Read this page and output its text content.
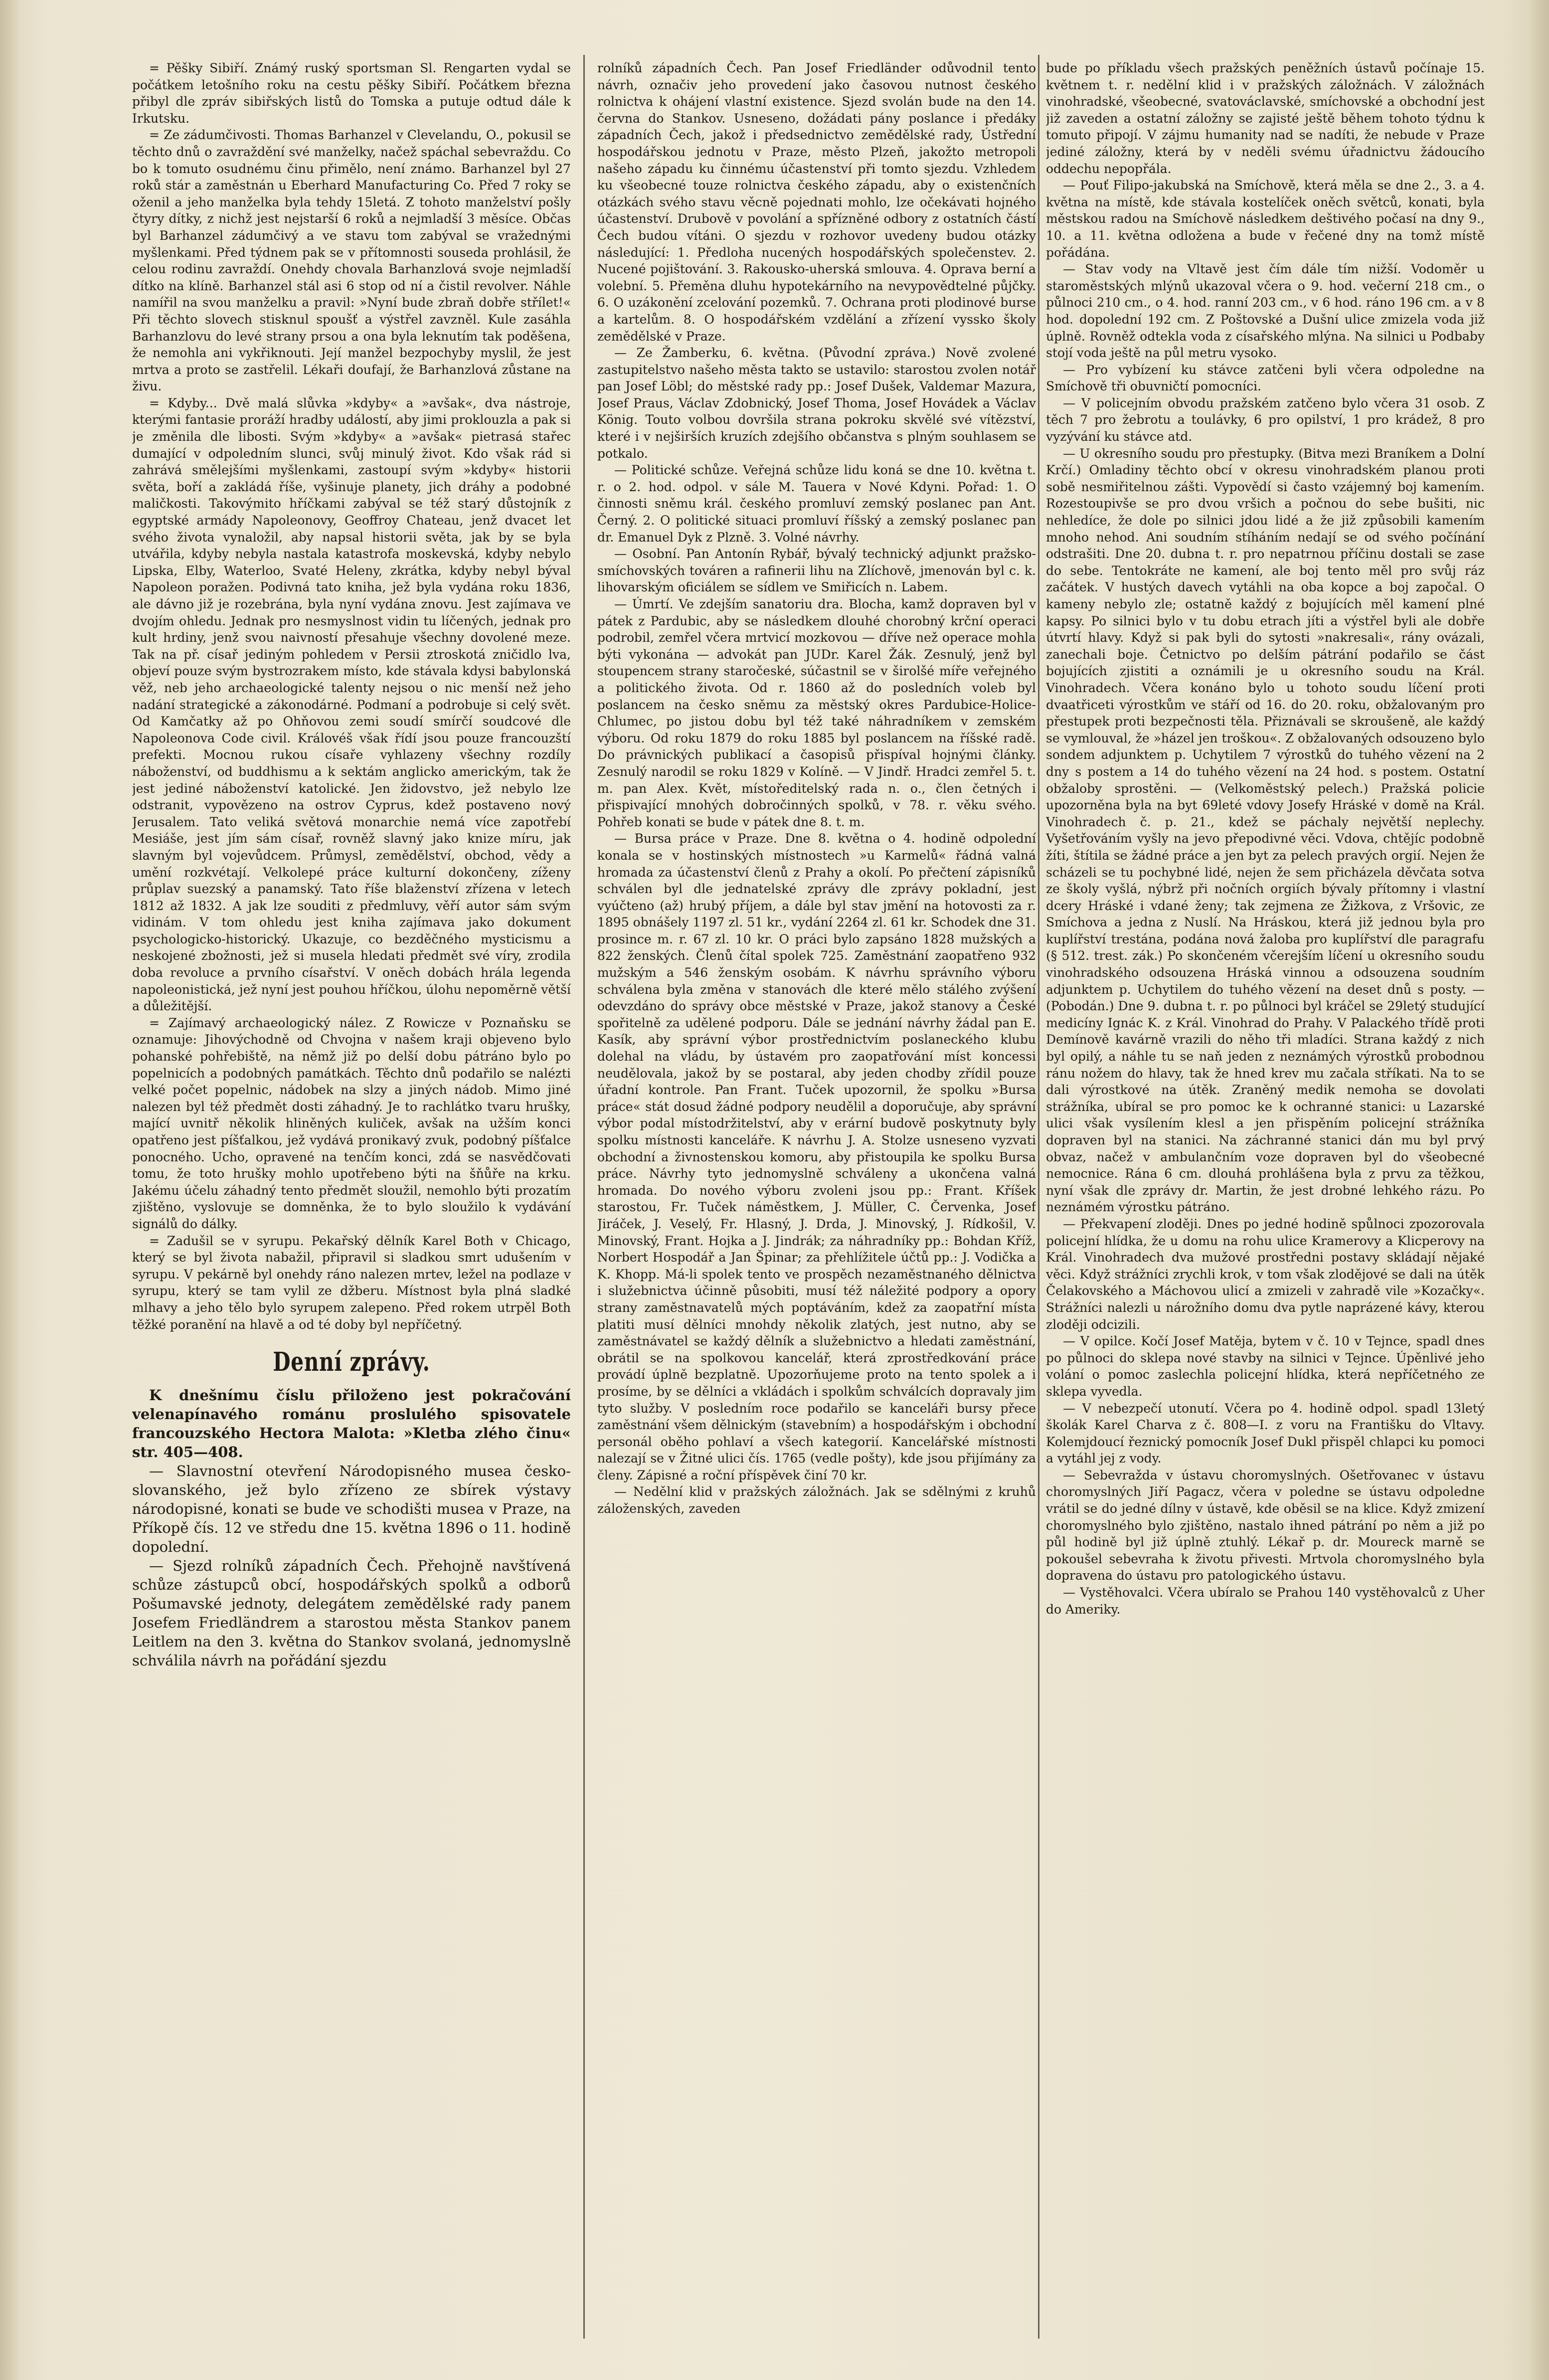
= Pěšky Sibiří. Známý ruský sportsman Sl. Rengarten vydal se počátkem letošního roku na cestu pěšky Sibiří. Počátkem března přibyl dle zpráv sibiřských listů do Tomska a putuje odtud dále k Irkutsku.

= Ze zádumčivosti. Thomas Barhanzel v Clevelandu, O., pokusil se těchto dnů o zavraždění své manželky, načež spáchal sebevraždu. Co bo k tomuto osudnému činu přimělo, není známo. Barhanzel byl 27 roků stár a zaměstnán u Eberhard Manufacturing Co. Před 7 roky se oženil a jeho manželka byla tehdy 15letá. Z tohoto manželství pošly čtyry dítky, z nichž jest nejstarší 6 roků a nejmladší 3 měsíce. Občas byl Barhanzel zádumčivý a ve stavu tom zabýval se vražednými myšlenkami. Před týdnem pak se v přítomnosti souseda prohlásil, že celou rodinu zavraždí. Onehdy chovala Barhanzlová svoje nejmladší dítko na klíně. Barhanzel stál asi 6 stop od ní a čistil revolver. Náhle namířil na svou manželku a pravil: »Nyní bude zbraň dobře střílet!« Při těchto slovech stisknul spoušť a výstřel zavzněl. Kule zasáhla Barhanzlovu do levé strany prsou a ona byla leknutím tak poděšena, že nemohla ani vykřiknouti. Její manžel bezpochyby myslil, že jest mrtva a proto se zastřelil. Lékaři doufají, že Barhanzlová zůstane na živu.

= Kdyby... Dvě malá slůvka »kdyby« a »avšak«, dva nástroje, kterými fantasie proráží hradby událostí, aby jimi proklouzla a pak si je změnila dle libosti. Svým »kdyby« a »avšak« pietrasá stařec dumající v odpoledním slunci, svůj minulý život. Kdo však rád si zahrává smělejšími myšlenkami, zastoupí svým »kdyby« historii světa, boří a zakládá říše, vyšinuje planety, jich dráhy a podobné maličkosti. Takovýmito hříčkami zabýval se též starý důstojník z egyptské armády Napoleonovy, Geoffroy Chateau, jenž dvacet let svého života vynaložil, aby napsal historii světa, jak by se byla utvářila, kdyby nebyla nastala katastrofa moskevská, kdyby nebylo Lipska, Elby, Waterloo, Svaté Heleny, zkrátka, kdyby nebyl býval Napoleon poražen. Podivná tato kniha, jež byla vydána roku 1836, ale dávno již je rozebrána, byla nyní vydána znovu. Jest zajímava ve dvojím ohledu. Jednak pro nesmyslnost vidin tu líčených, jednak pro kult hrdiny, jenž svou naivností přesahuje všechny dovolené meze. Tak na př. císař jediným pohledem v Persii ztroskotá zničidlo lva, objeví pouze svým bystrozrakem místo, kde stávala kdysi babylonská věž, neb jeho archaeologické talenty nejsou o nic menší než jeho nadání strategické a zákonodárné. Podmaní a podrobuje si celý svět. Od Kamčatky až po Ohňovou zemi soudí smírčí soudcové dle Napoleonova Code civil. Královéš však řídí jsou pouze francouzští prefekti. Mocnou rukou císaře vyhlazeny všechny rozdíly náboženství, od buddhismu a k sektám anglicko americkým, tak že jest jediné náboženství katolické. Jen židovstvo, jež nebylo lze odstranit, vypovězeno na ostrov Cyprus, kdež postaveno nový Jerusalem. Tato veliká světová monarchie nemá více zapotřebí Mesiáše, jest jím sám císař, rovněž slavný jako knize míru, jak slavným byl vojevůdcem. Průmysl, zemědělství, obchod, vědy a umění rozkvétají. Velkolepé práce kulturní dokončeny, zíženy průplav suezský a panamský. Tato říše blaženství zřízena v letech 1812 až 1832. A jak lze souditi z předmluvy, věří autor sám svým vidinám. V tom ohledu jest kniha zajímava jako dokument psychologicko-historický. Ukazuje, co bezděčného mysticismu a neskojené zbožnosti, jež si musela hledati předmět své víry, zrodila doba revoluce a prvního císařství. V oněch dobách hrála legenda napoleonistická, jež nyní jest pouhou hříčkou, úlohu nepoměrně větší a důležitější.

= Zajímavý archaeologický nález. Z Rowicze v Poznaňsku se oznamuje: Jihovýchodně od Chvojna v našem kraji objeveno bylo pohanské pohřebiště, na němž již po delší dobu pátráno bylo po popelnicích a podobných památkách. Těchto dnů podařilo se nalézti velké počet popelnic, nádobek na slzy a jiných nádob. Mimo jiné nalezen byl též předmět dosti záhadný. Je to rachlátko tvaru hrušky, mající uvnitř několik hliněných kuliček, avšak na užším konci opatřeno jest píšťalkou, jež vydává pronikavý zvuk, podobný píšťalce ponocného. Ucho, opravené na tenčím konci, zdá se nasvědčovati tomu, že toto hrušky mohlo upotřebeno býti na šňůře na krku. Jakému účelu záhadný tento předmět sloužil, nemohlo býti prozatím zjištěno, vyslovuje se domněnka, že to bylo sloužilo k vydávání signálů do dálky.

= Zadušil se v syrupu. Pekařský dělník Karel Both v Chicago, který se byl života nabažil, připravil si sladkou smrt udušením v syrupu. V pekárně byl onehdy ráno nalezen mrtev, ležel na podlaze v syrupu, který se tam vylil ze džberu. Místnost byla plná sladké mlhavy a jeho tělo bylo syrupem zalepeno. Před rokem utrpěl Both těžké poranění na hlavě a od té doby byl nepříčetný.

Denní zprávy.

K dnešnímu číslu přiloženo jest pokračování velenapínavého románu proslulého spisovatele francouzského Hectora Malota: »Kletba zlého činu« str. 405—408.

— Slavnostní otevření Národopisného musea česko-slovanského, jež bylo zřízeno ze sbírek výstavy národopisné, konati se bude ve schodišti musea v Praze, na Příkopě čís. 12 ve středu dne 15. května 1896 o 11. hodině dopolední.

— Sjezd rolníků západních Čech. Přehojně navštívená schůze zástupců obcí, hospodářských spolků a odborů Pošumavské jednoty, delegátem zemědělské rady panem Josefem Friedländrem a starostou města Stankov panem Leitlem na den 3. května do Stankov svolaná, jednomyslně schválila návrh na pořádání sjezdu

rolníků západních Čech. Pan Josef Friedländer odůvodnil tento návrh, označiv jeho provedení jako časovou nutnost českého rolnictva k ohájení vlastní existence. Sjezd svolán bude na den 14. června do Stankov. Usneseno, dožádati pány poslance i předáky západních Čech, jakož i předsednictvo zemědělské rady, Ústřední hospodářskou jednotu v Praze, město Plzeň, jakožto metropoli našeho západu ku činnému účastenství při tomto sjezdu. Vzhledem ku všeobecné touze rolnictva českého západu, aby o existenčních otázkách svého stavu věcně pojednati mohlo, lze očekávati hojného účastenství. Drubově v povolání a spřízněné odbory z ostatních částí Čech budou vítáni. O sjezdu v rozhovor uvedeny budou otázky následující: 1. Předloha nucených hospodářských společenstev. 2. Nucené pojištování. 3. Rakousko-uherská smlouva. 4. Oprava berní a volební. 5. Přeměna dluhu hypotekárního na nevypovědtelné půjčky. 6. O uzákonění zcelování pozemků. 7. Ochrana proti plodinové burse a kartelům. 8. O hospodářském vzdělání a zřízení vyssko školy zemědělské v Praze.

— Ze Žamberku, 6. května. (Původní zpráva.) Nově zvolené zastupitelstvo našeho města takto se ustavilo: starostou zvolen notář pan Josef Löbl; do městské rady pp.: Josef Dušek, Valdemar Mazura, Josef Praus, Václav Zdobnický, Josef Thoma, Josef Hovádek a Václav König. Touto volbou dovršila strana pokroku skvělé své vítězství, které i v nejširších kruzích zdejšího občanstva s plným souhlasem se potkalo.

— Politické schůze. Veřejná schůze lidu koná se dne 10. května t. r. o 2. hod. odpol. v sále M. Tauera v Nové Kdyni. Pořad: 1. O činnosti sněmu král. českého promluví zemský poslanec pan Ant. Černý. 2. O politické situaci promluví říšský a zemský poslanec pan dr. Emanuel Dyk z Plzně. 3. Volné návrhy.

— Osobní. Pan Antonín Rybář, bývalý technický adjunkt pražsko-smíchovských továren a rafinerii lihu na Zlíchově, jmenován byl c. k. lihovarským oficiálem se sídlem ve Smiřicích n. Labem.

— Úmrtí. Ve zdejším sanatoriu dra. Blocha, kamž dopraven byl v pátek z Pardubic, aby se následkem dlouhé chorobný krční operaci podrobil, zemřel včera mrtvicí mozkovou — dříve než operace mohla býti vykonána — advokát pan JUDr. Karel Žák. Zesnulý, jenž byl stoupencem strany staročeské, súčastnil se v širolšé míře veřejného a politického života. Od r. 1860 až do posledních voleb byl poslancem na česko sněmu za městský okres Pardubice-Holice-Chlumec, po jistou dobu byl též také náhradníkem v zemském výboru. Od roku 1879 do roku 1885 byl poslancem na říšské radě. Do právnických publikací a časopisů přispíval hojnými články. Zesnulý narodil se roku 1829 v Kolíně. — V Jindř. Hradci zemřel 5. t. m. pan Alex. Květ, místoředitelský rada n. o., člen četných i přispivající mnohých dobročinných spolků, v 78. r. věku svého. Pohřeb konati se bude v pátek dne 8. t. m.

— Bursa práce v Praze. Dne 8. května o 4. hodině odpolední konala se v hostinských místnostech »u Karmelů« řádná valná hromada za účastenství členů z Prahy a okolí. Po přečtení zápisníků schválen byl dle jednatelské zprávy dle zprávy pokladní, jest vyúčteno (až) hrubý příjem, a dále byl stav jmění na hotovosti za r. 1895 obnášely 1197 zl. 51 kr., vydání 2264 zl. 61 kr. Schodek dne 31. prosince m. r. 67 zl. 10 kr. O práci bylo zapsáno 1828 mužských a 822 ženských. Členů čítal spolek 725. Zaměstnání zaopatřeno 932 mužským a 546 ženským osobám. K návrhu správního výboru schválena byla změna v stanovách dle které mělo stálého zvýšení odevzdáno do správy obce městské v Praze, jakož stanovy a České spořitelně za udělené podporu. Dále se jednání návrhy žádal pan E. Kasík, aby správní výbor prostřednictvím poslaneckého klubu dolehal na vládu, by ústavém pro zaopatřování míst koncessi neudělovala, jakož by se postaral, aby jeden chodby zřídil pouze úřadní kontrole. Pan Frant. Tuček upozornil, že spolku »Bursa práce« stát dosud žádné podpory neudělil a doporučuje, aby správní výbor podal místodržitelství, aby v erární budově poskytnuty byly spolku místnosti kanceláře. K návrhu J. A. Stolze usneseno vyzvati obchodní a živnostenskou komoru, aby přistoupila ke spolku Bursa práce. Návrhy tyto jednomyslně schváleny a ukončena valná hromada. Do nového výboru zvoleni jsou pp.: Frant. Kříšek starostou, Fr. Tuček náměstkem, J. Müller, C. Červenka, Josef Jiráček, J. Veselý, Fr. Hlasný, J. Drda, J. Minovský, J. Rídkošil, V. Minovský, Frant. Hojka a J. Jindrák; za náhradníky pp.: Bohdan Kříž, Norbert Hospodář a Jan Špinar; za přehlížitele účtů pp.: J. Vodička a K. Khopp. Má-li spolek tento ve prospěch nezaměstnaného dělnictva i služebnictva účinně působiti, musí též náležité podpory a opory strany zaměstnavatelů mých poptáváním, kdež za zaopatřní místa platiti musí dělníci mnohdy několik zlatých, jest nutno, aby se zaměstnávatel se každý dělník a služebnictvo a hledati zaměstnání, obrátil se na spolkovou kancelář, která zprostředkování práce provádí úplně bezplatně. Upozorňujeme proto na tento spolek a i prosíme, by se dělníci a vkládách i spolkům schválcích dopravaly jim tyto služby. V posledním roce podařilo se kanceláři bursy přece zaměstnání všem dělnickým (stavebním) a hospodářským i obchodní personál oběho pohlaví a všech kategorií. Kancelářské místnosti nalezají se v Žitné ulici čís. 1765 (vedle pošty), kde jsou přijímány za členy. Zápisné a roční příspěvek činí 70 kr.

— Nedělní klid v pražských záložnách. Jak se sdělnými z kruhů záloženských, zaveden

bude po příkladu všech pražských peněžních ústavů počínaje 15. květnem t. r. nedělní klid i v pražských záložnách. V záložnách vinohradské, všeobecné, svatováclavské, smíchovské a obchodní jest již zaveden a ostatní záložny se zajisté ještě během tohoto týdnu k tomuto připojí. V zájmu humanity nad se nadíti, že nebude v Praze jediné záložny, která by v neděli svému úřadnictvu žádoucího oddechu nepopřála.

— Pouť Filipo-jakubská na Smíchově, která měla se dne 2., 3. a 4. května na místě, kde stávala kostelíček oněch světců, konati, byla městskou radou na Smíchově následkem deštivého počasí na dny 9., 10. a 11. května odložena a bude v řečené dny na tomž místě pořádána.

— Stav vody na Vltavě jest čím dále tím nižší. Vodoměr u staroměstských mlýnů ukazoval včera o 9. hod. večerní 218 cm., o půlnoci 210 cm., o 4. hod. ranní 203 cm., v 6 hod. ráno 196 cm. a v 8 hod. dopolední 192 cm. Z Poštovské a Dušní ulice zmizela voda již úplně. Rovněž odtekla voda z císařského mlýna. Na silnici u Podbaby stojí voda ještě na půl metru vysoko.

— Pro vybízení ku stávce zatčeni byli včera odpoledne na Smíchově tři obuvničtí pomocníci.

— V policejním obvodu pražském zatčeno bylo včera 31 osob. Z těch 7 pro žebrotu a toulávky, 6 pro opilství, 1 pro krádež, 8 pro vyzývání ku stávce atd.

— U okresního soudu pro přestupky. (Bitva mezi Braníkem a Dolní Krčí.) Omladiny těchto obcí v okresu vinohradském planou proti sobě nesmiřitelnou zášti. Vypovědí si často vzájemný boj kamením. Rozestoupivše se pro dvou vršich a počnou do sebe bušiti, nic nehledíce, že dole po silnici jdou lidé a že již způsobili kamením mnoho nehod. Ani soudním stíháním nedají se od svého počínání odstrašiti. Dne 20. dubna t. r. pro nepatrnou příčinu dostali se zase do sebe. Tentokráte ne kamení, ale boj tento měl pro svůj ráz začátek. V hustých davech vytáhli na oba kopce a boj započal. O kameny nebylo zle; ostatně každý z bojujících měl kamení plné kapsy. Po silnici bylo v tu dobu etrach jíti a výstřel byli ale dobře útvrtí hlavy. Když si pak byli do sytosti »nakresali«, rány ovázali, zanechali boje. Četnictvo po delším pátrání podařilo se část bojujících zjistiti a oznámili je u okresního soudu na Král. Vinohradech. Včera konáno bylo u tohoto soudu líčení proti dvaatřiceti výrostkům ve stáří od 16. do 20. roku, obžalovaným pro přestupek proti bezpečnosti těla. Přiznávali se skroušeně, ale každý se vymlouval, že »házel jen troškou«. Z obžalovaných odsouzeno bylo sondem adjunktem p. Uchytilem 7 výrostků do tuhého vězení na 2 dny s postem a 14 do tuhého vězení na 24 hod. s postem. Ostatní obžaloby sprostěni. — (Velkoměstský pelech.) Pražská policie upozorněna byla na byt 69leté vdovy Josefy Hráské v domě na Král. Vinohradech č. p. 21., kdež se páchaly největší neplechy. Vyšetřováním vyšly na jevo přepodivné věci. Vdova, chtějíc podobně žíti, štítila se žádné práce a jen byt za pelech pravých orgií. Nejen že scházeli se tu pochybné lidé, nejen že sem přicházela děvčata sotva ze školy vyšlá, nýbrž při nočních orgiích bývaly přítomny i vlastní dcery Hráské i vdané ženy; tak zejmena ze Žižkova, z Vršovic, ze Smíchova a jedna z Nuslí. Na Hráskou, která již jednou byla pro kuplířství trestána, podána nová žaloba pro kuplířství dle paragrafu (§ 512. trest. zák.) Po skončeném včerejším líčení u okresního soudu vinohradského odsouzena Hráská vinnou a odsouzena soudním adjunktem p. Uchytilem do tuhého vězení na deset dnů s posty. — (Pobodán.) Dne 9. dubna t. r. po půlnoci byl kráčel se 29letý studující medicíny Ignác K. z Král. Vinohrad do Prahy. V Palackého třídě proti Demínově kavárně vrazili do něho tři mladíci. Strana každý z nich byl opilý, a náhle tu se naň jeden z neznámých výrostků probodnou ránu nožem do hlavy, tak že hned krev mu začala stříkati. Na to se dali výrostkové na útěk. Zraněný medik nemoha se dovolati strážníka, ubíral se pro pomoc ke k ochranné stanici: u Lazarské ulici však vysílením klesl a jen přispěním policejní strážníka dopraven byl na stanici. Na záchranné stanici dán mu byl prvý obvaz, načež v ambulančním voze dopraven byl do všeobecné nemocnice. Rána 6 cm. dlouhá prohlášena byla z prvu za těžkou, nyní však dle zprávy dr. Martin, že jest drobné lehkého rázu. Po neznámém výrostku pátráno.

— Překvapení zloději. Dnes po jedné hodině spůlnoci zpozorovala policejní hlídka, že u domu na rohu ulice Kramerovy a Klicperovy na Král. Vinohradech dva mužové prostředni postavy skládají nějaké věci. Když strážníci zrychli krok, v tom však zlodějové se dali na útěk Čelakovského a Máchovou ulicí a zmizeli v zahradě vile »Kozačky«. Strážníci nalezli u nárožního domu dva pytle naprázené kávy, kterou zloději odcizili.

— V opilce. Kočí Josef Matěja, bytem v č. 10 v Tejnce, spadl dnes po půlnoci do sklepa nové stavby na silnici v Tejnce. Úpěnlivé jeho volání o pomoc zaslechla policejní hlídka, která nepříčetného ze sklepa vyvedla.

— V nebezpečí utonutí. Včera po 4. hodině odpol. spadl 13letý školák Karel Charva z č. 808—I. z voru na Františku do Vltavy. Kolemjdoucí řeznický pomocník Josef Dukl přispěl chlapci ku pomoci a vytáhl jej z vody.

— Sebevražda v ústavu choromyslných. Ošetřovanec v ústavu choromyslných Jiří Pagacz, včera v poledne se ústavu odpoledne vrátil se do jedné dílny v ústavě, kde oběsil se na klice. Když zmizení choromyslného bylo zjištěno, nastalo ihned pátrání po něm a již po půl hodině byl již úplně ztuhlý. Lékař p. dr. Moureck marně se pokoušel sebevraha k životu přivesti. Mrtvola choromyslného byla dopravena do ústavu pro patologického ústavu.

— Vystěhovalci. Včera ubíralo se Prahou 140 vystěhovalců z Uher do Ameriky.
